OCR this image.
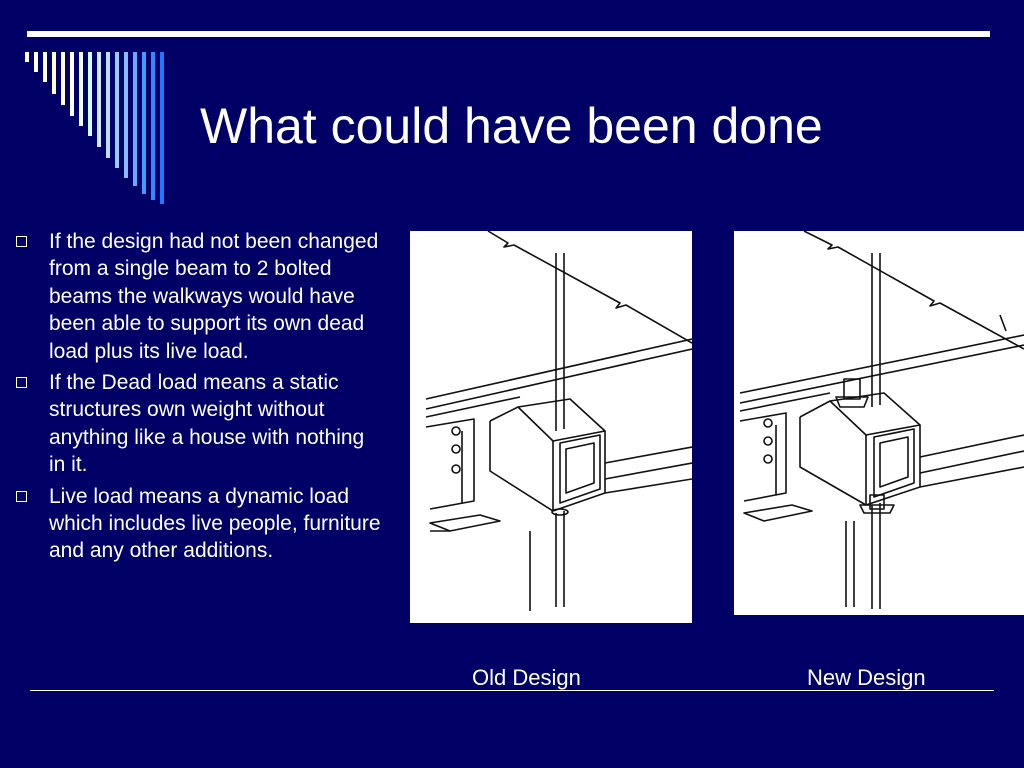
What could have been done
If the design had not been changed from a single beam to 2 bolted beams the walkways would have been able to support its own dead load plus its live load.
If the Dead load means a static structures own weight without anything like a house with nothing in it.
Live load means a dynamic load which includes live people, furniture and any other additions.
Old Design	New Design
